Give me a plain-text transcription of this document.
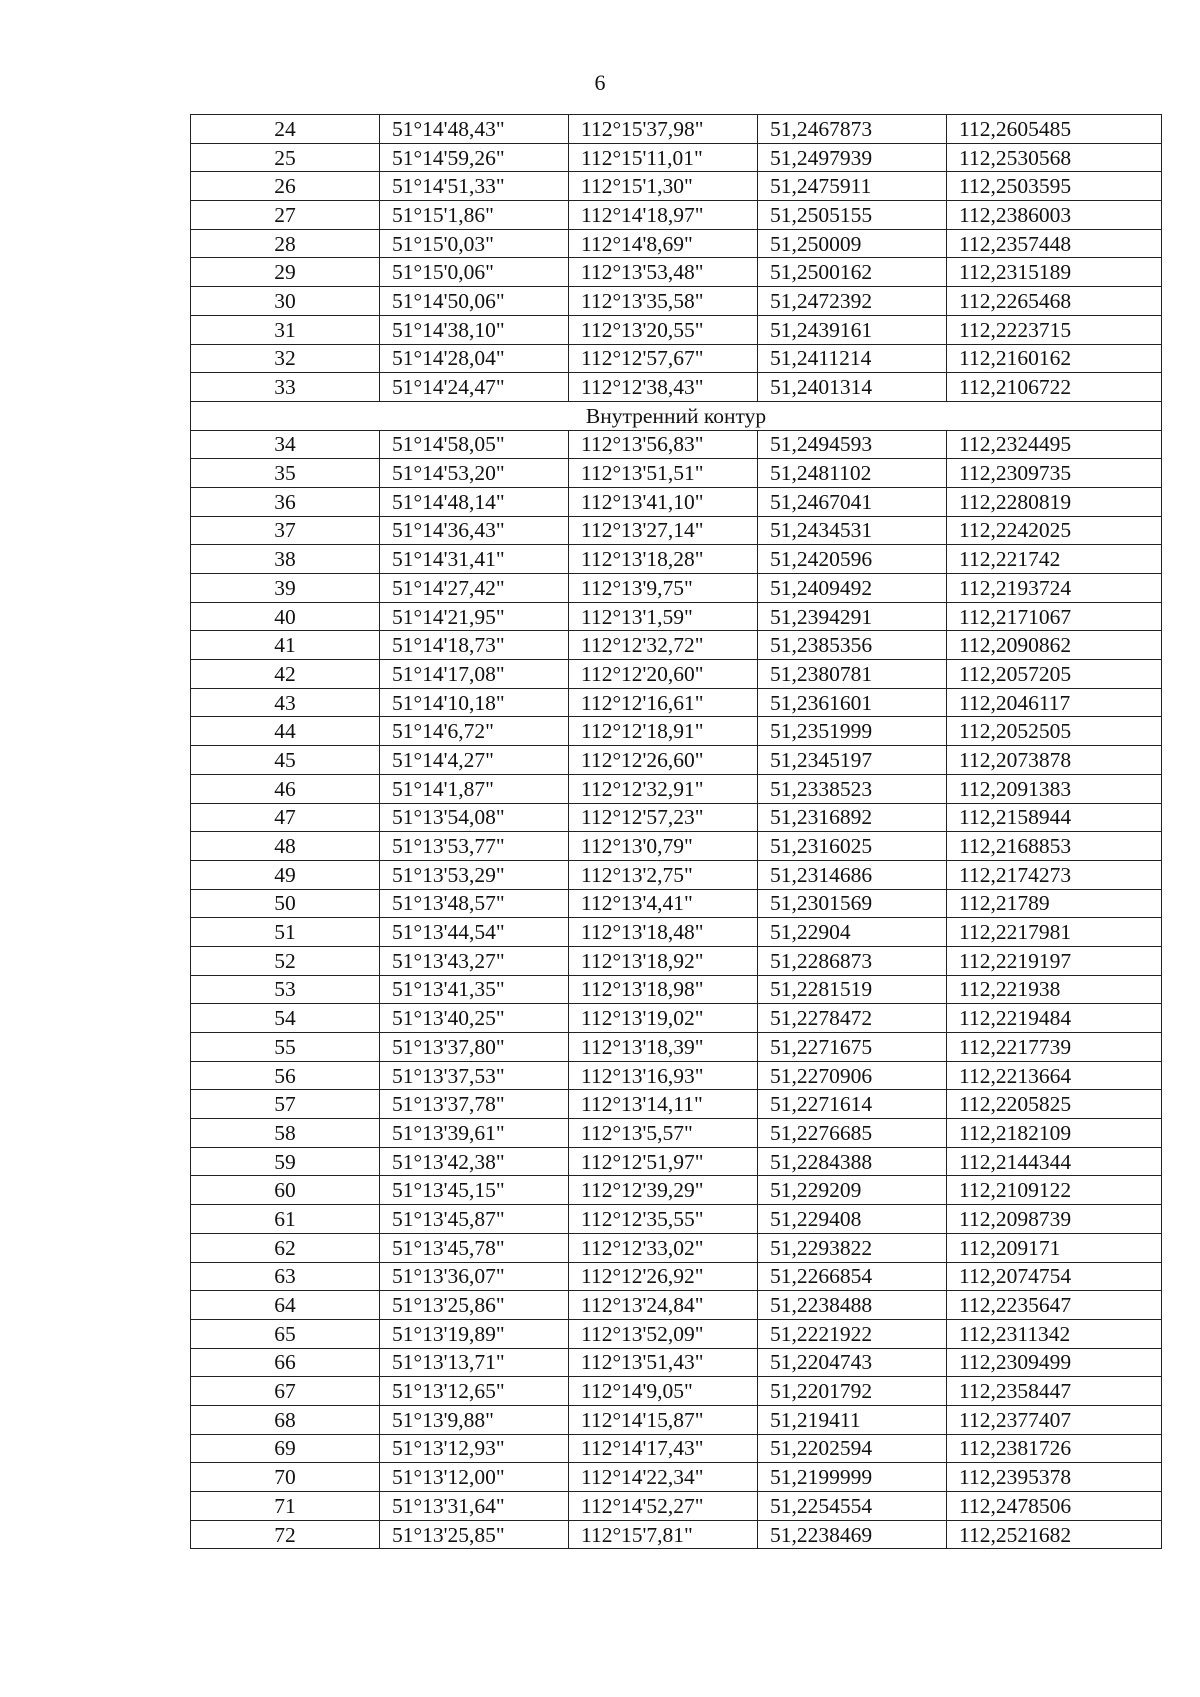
6
24	51°14'48,43"	112°15'37,98"	51,2467873	112,2605485
25	51°14'59,26"	112°15'11,01"	51,2497939	112,2530568
26	51°14'51,33"	112°15'1,30"	51,2475911	112,2503595
27	51°15'1,86"	112°14'18,97"	51,2505155	112,2386003
28	51°15'0,03"	112°14'8,69"	51,250009	112,2357448
29	51°15'0,06"	112°13'53,48"	51,2500162	112,2315189
30	51°14'50,06"	112°13'35,58"	51,2472392	112,2265468
31	51°14'38,10"	112°13'20,55"	51,2439161	112,2223715
32	51°14'28,04"	112°12'57,67"	51,2411214	112,2160162
33	51°14'24,47"	112°12'38,43"	51,2401314	112,2106722
Внутренний контур				
34	51°14'58,05"	112°13'56,83"	51,2494593	112,2324495
35	51°14'53,20"	112°13'51,51"	51,2481102	112,2309735
36	51°14'48,14"	112°13'41,10"	51,2467041	112,2280819
37	51°14'36,43"	112°13'27,14"	51,2434531	112,2242025
38	51°14'31,41"	112°13'18,28"	51,2420596	112,221742
39	51°14'27,42"	112°13'9,75"	51,2409492	112,2193724
40	51°14'21,95"	112°13'1,59"	51,2394291	112,2171067
41	51°14'18,73"	112°12'32,72"	51,2385356	112,2090862
42	51°14'17,08"	112°12'20,60"	51,2380781	112,2057205
43	51°14'10,18"	112°12'16,61"	51,2361601	112,2046117
44	51°14'6,72"	112°12'18,91"	51,2351999	112,2052505
45	51°14'4,27"	112°12'26,60"	51,2345197	112,2073878
46	51°14'1,87"	112°12'32,91"	51,2338523	112,2091383
47	51°13'54,08"	112°12'57,23"	51,2316892	112,2158944
48	51°13'53,77"	112°13'0,79"	51,2316025	112,2168853
49	51°13'53,29"	112°13'2,75"	51,2314686	112,2174273
50	51°13'48,57"	112°13'4,41"	51,2301569	112,21789
51	51°13'44,54"	112°13'18,48"	51,22904	112,2217981
52	51°13'43,27"	112°13'18,92"	51,2286873	112,2219197
53	51°13'41,35"	112°13'18,98"	51,2281519	112,221938
54	51°13'40,25"	112°13'19,02"	51,2278472	112,2219484
55	51°13'37,80"	112°13'18,39"	51,2271675	112,2217739
56	51°13'37,53"	112°13'16,93"	51,2270906	112,2213664
57	51°13'37,78"	112°13'14,11"	51,2271614	112,2205825
58	51°13'39,61"	112°13'5,57"	51,2276685	112,2182109
59	51°13'42,38"	112°12'51,97"	51,2284388	112,2144344
60	51°13'45,15"	112°12'39,29"	51,229209	112,2109122
61	51°13'45,87"	112°12'35,55"	51,229408	112,2098739
62	51°13'45,78"	112°12'33,02"	51,2293822	112,209171
63	51°13'36,07"	112°12'26,92"	51,2266854	112,2074754
64	51°13'25,86"	112°13'24,84"	51,2238488	112,2235647
65	51°13'19,89"	112°13'52,09"	51,2221922	112,2311342
66	51°13'13,71"	112°13'51,43"	51,2204743	112,2309499
67	51°13'12,65"	112°14'9,05"	51,2201792	112,2358447
68	51°13'9,88"	112°14'15,87"	51,219411	112,2377407
69	51°13'12,93"	112°14'17,43"	51,2202594	112,2381726
70	51°13'12,00"	112°14'22,34"	51,2199999	112,2395378
71	51°13'31,64"	112°14'52,27"	51,2254554	112,2478506
72	51°13'25,85"	112°15'7,81"	51,2238469	112,2521682
